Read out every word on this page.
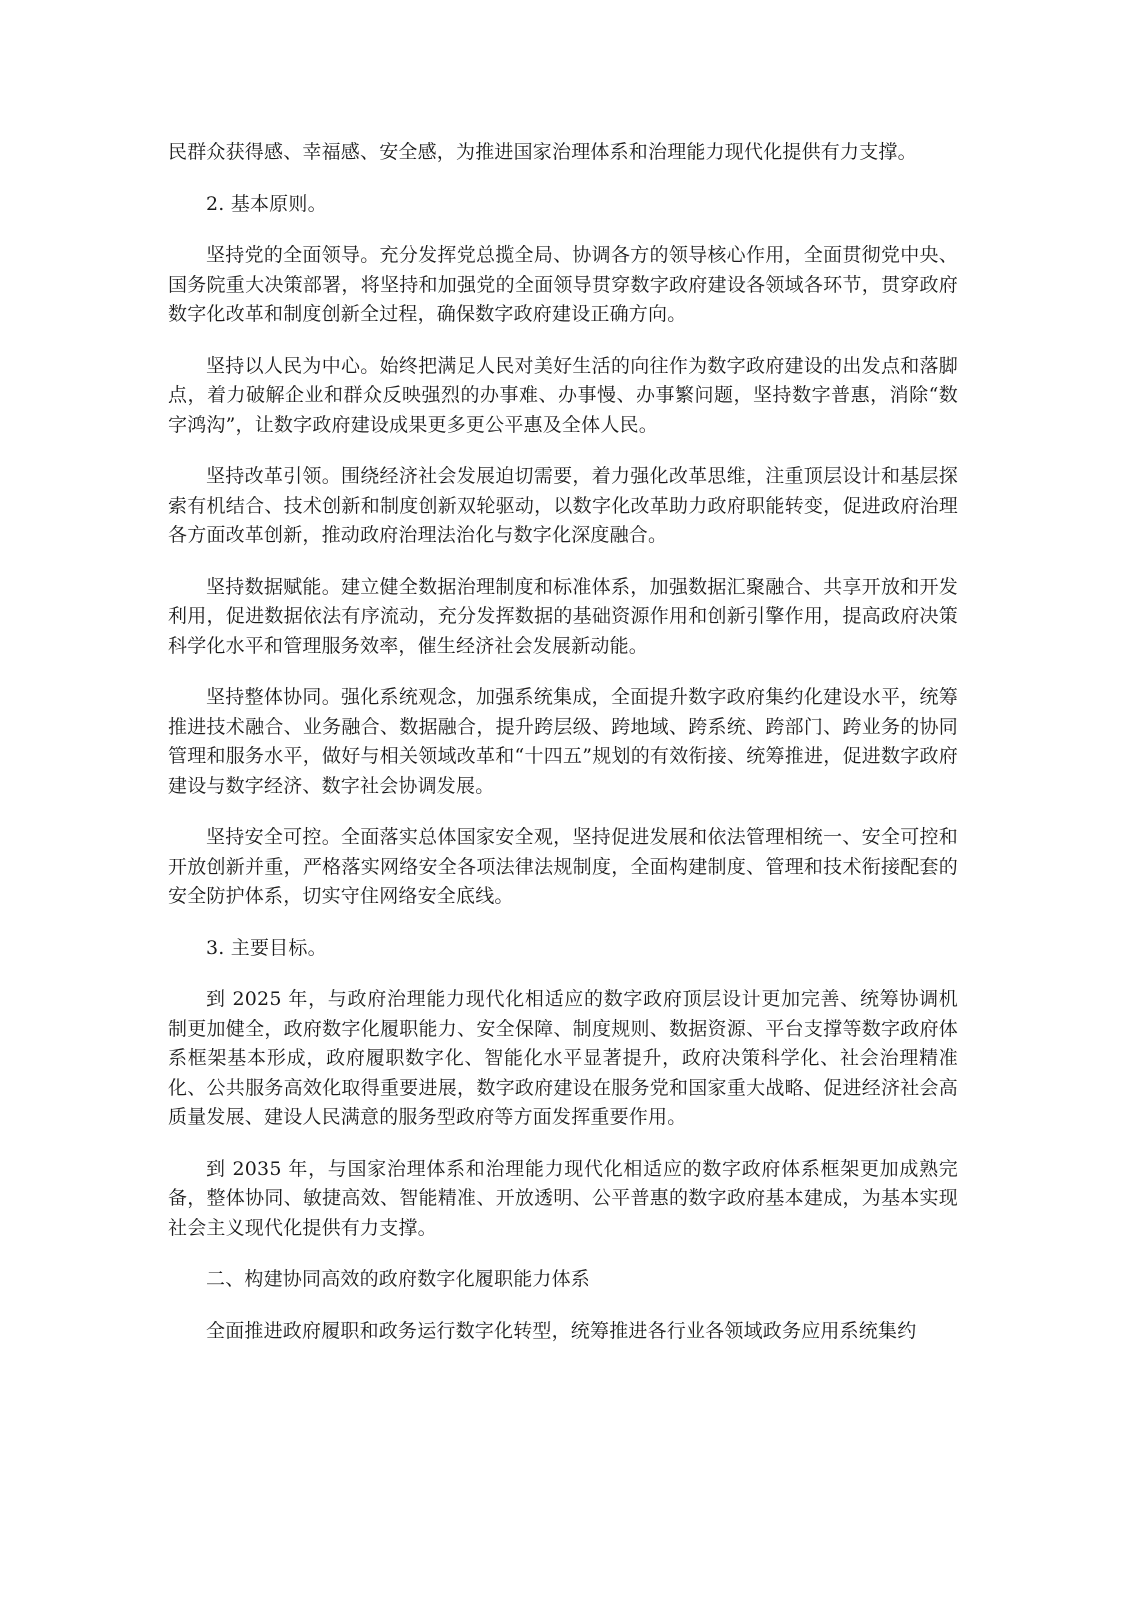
民群众获得感、幸福感、安全感，为推进国家治理体系和治理能力现代化提供有力支撑。

2. 基本原则。

坚持党的全面领导。充分发挥党总揽全局、协调各方的领导核心作用，全面贯彻党中央、国务院重大决策部署，将坚持和加强党的全面领导贯穿数字政府建设各领域各环节，贯穿政府数字化改革和制度创新全过程，确保数字政府建设正确方向。

坚持以人民为中心。始终把满足人民对美好生活的向往作为数字政府建设的出发点和落脚点，着力破解企业和群众反映强烈的办事难、办事慢、办事繁问题，坚持数字普惠，消除“数字鸿沟”，让数字政府建设成果更多更公平惠及全体人民。

坚持改革引领。围绕经济社会发展迫切需要，着力强化改革思维，注重顶层设计和基层探索有机结合、技术创新和制度创新双轮驱动，以数字化改革助力政府职能转变，促进政府治理各方面改革创新，推动政府治理法治化与数字化深度融合。

坚持数据赋能。建立健全数据治理制度和标准体系，加强数据汇聚融合、共享开放和开发利用，促进数据依法有序流动，充分发挥数据的基础资源作用和创新引擎作用，提高政府决策科学化水平和管理服务效率，催生经济社会发展新动能。

坚持整体协同。强化系统观念，加强系统集成，全面提升数字政府集约化建设水平，统筹推进技术融合、业务融合、数据融合，提升跨层级、跨地域、跨系统、跨部门、跨业务的协同管理和服务水平，做好与相关领域改革和“十四五”规划的有效衔接、统筹推进，促进数字政府建设与数字经济、数字社会协调发展。

坚持安全可控。全面落实总体国家安全观，坚持促进发展和依法管理相统一、安全可控和开放创新并重，严格落实网络安全各项法律法规制度，全面构建制度、管理和技术衔接配套的安全防护体系，切实守住网络安全底线。

3. 主要目标。

到 2025 年，与政府治理能力现代化相适应的数字政府顶层设计更加完善、统筹协调机制更加健全，政府数字化履职能力、安全保障、制度规则、数据资源、平台支撑等数字政府体系框架基本形成，政府履职数字化、智能化水平显著提升，政府决策科学化、社会治理精准化、公共服务高效化取得重要进展，数字政府建设在服务党和国家重大战略、促进经济社会高质量发展、建设人民满意的服务型政府等方面发挥重要作用。

到 2035 年，与国家治理体系和治理能力现代化相适应的数字政府体系框架更加成熟完备，整体协同、敏捷高效、智能精准、开放透明、公平普惠的数字政府基本建成，为基本实现社会主义现代化提供有力支撑。

二、构建协同高效的政府数字化履职能力体系

全面推进政府履职和政务运行数字化转型，统筹推进各行业各领域政务应用系统集约
